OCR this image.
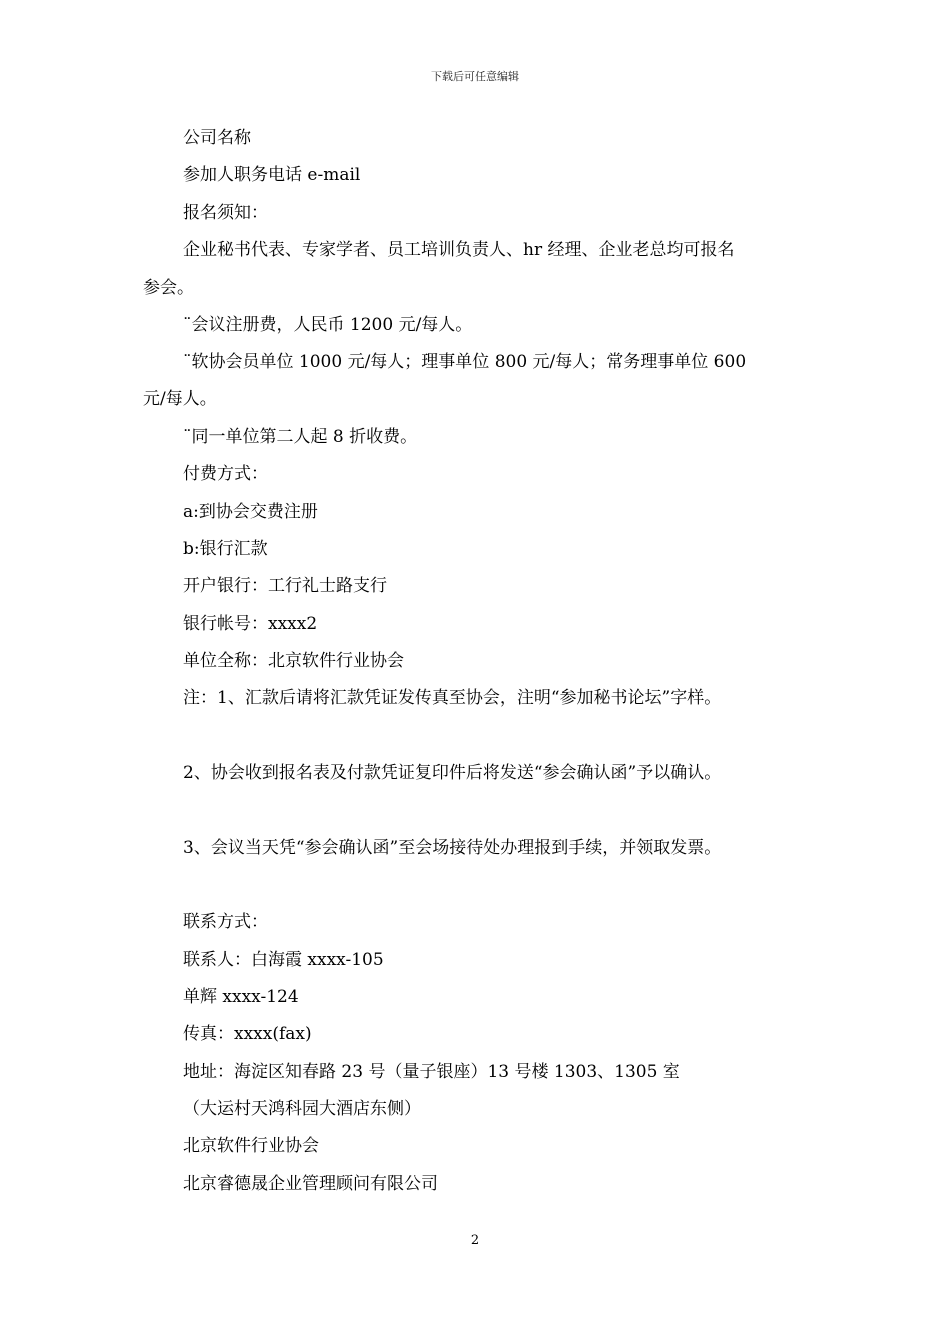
下载后可任意编辑
公司名称
参加人职务电话 e-mail
报名须知：
企业秘书代表、专家学者、员工培训负责人、hr 经理、企业老总均可报名
参会。
¨会议注册费，人民币 1200 元/每人。
¨软协会员单位 1000 元/每人；理事单位 800 元/每人；常务理事单位 600
元/每人。
¨同一单位第二人起 8 折收费。
付费方式：
a:到协会交费注册
b:银行汇款
开户银行：工行礼士路支行
银行帐号：xxxx2
单位全称：北京软件行业协会
注：1、汇款后请将汇款凭证发传真至协会，注明“参加秘书论坛”字样。
2、协会收到报名表及付款凭证复印件后将发送“参会确认函”予以确认。
3、会议当天凭“参会确认函”至会场接待处办理报到手续，并领取发票。
联系方式：
联系人：白海霞 xxxx-105
单辉 xxxx-124
传真：xxxx(fax)
地址：海淀区知春路 23 号（量子银座）13 号楼 1303、1305 室
（大运村天鸿科园大酒店东侧）
北京软件行业协会
北京睿德晟企业管理顾问有限公司
2
